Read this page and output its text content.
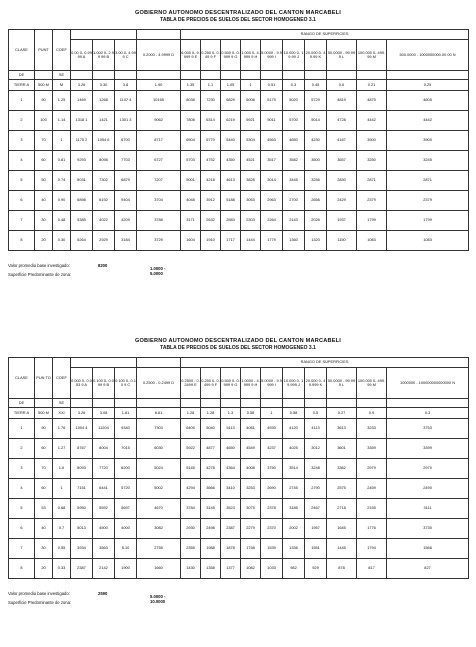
GOBIERNO AUTONOMO DESCENTRALIZADO DEL CANTON MARCABELI
TABLA DE PRECIOS DE SUELOS DEL SECTOR HOMOGENEO 3.1
CLASE	PUNT	COEF					RANGO DE SUPERFICIES									
			0.00 0- 0.99 99 A	1.000 0- 2.99 99 B	3.00 0- 4.99 9 C	0.2000 - 4.9999 D	6.000 0- 9.999 9 E	0.250 0- 0.49 9 F	0.500 0- 0.999 9 G	1.000 0- 4.999 9 H	5.0000 - 9.9999 I	10.000 0- 19.99 J	20.000 0- 49.99 K	50.0000 - 99.999 L	100.000 0- 499.99 M	500.0000 - 1000000000.00 00 N
DE		SE														
TIERR A	500 M	M	3.26	3.30	3.8	1.90	1.35	1.1	1.05	1	0.51	0.3	0.45	0.6	0.21	0.25
1	90	1.25	1469	1268	1107 4	10165	8038	7230	6829	6006	5175	5020	5729	4819	4875	4605
2	100	1.14	1318 1	1421	1301 3	9062	7808	6314	6219	5921	5011	5700	5014	4728	4442	4442
3	70	1	1175 2	1054 6	6700	8717	6504	6770	5440	5304	4563	4650	4230	4167	3900	3900
4	60	0.81	9293	8098	7703	6727	5703	4752	4350	4521	3517	3582	3500	3657	3250	3245
5	50	0.74	8031	7302	6879	7207	5001	4218	4613	3828	3014	3445	3256	2830	2871	2871
6	40	0.90	6898	6192	9404	3704	4048	3912	5188	3053	2963	2700	2656	2429	2379	2379
7	30	0.48	5385	4022	4209	3788	3171	2632	2583	2303	2264	2143	2026	1937	1799	1799
8	20	0.30	5264	2929	3184	3729	1604	1910	1717	1444	1779	1360	1320	1150	1083	1083
Valor promedio base investigado:	8200
Superficie Predominante de zona:
1.0000 -
5.0000
GOBIERNO AUTONOMO DESCENTRALIZADO DEL CANTON MARCABELI
TABLA DE PRECIOS DE SUELOS DEL SECTOR HOMOGENEO 3.1
CLASE	PUN TO	COEF					RANGO DE SUPERFICIES									
			0.000 0- 0.053 9 A	0.100 0- 0.099 9 B	0.100 0- 0.10 9 C	0.2500 - 0.2499 D	0.2500 - 0.2499 E	0.250 0- 0.499 9 F	0.500 0- 0.999 9 G	1.0000 - 4.999 9 H	5.0000 - 9.9999 I	10.000 0- 19.999 J	20.000 0- 49.999 K	50.0000 - 99.999 L	100.000 0- 499.99 M	1000000 - 100000000000000 N
DE		SE														
TIERR A	500 M	XXI	3.26	3.08	1.81	8.61	1.28	1.28	1.3	0.58	1	0.58	0.5	0.27	0.9	0.3
1	90	1.76	1004 4	11204	9340	7303	6405	5040	5113	4081	4930	4120	4113	3613	3233	3753
2	60	1.27	8767	8004	7015	6030	5922	4877	4650	4549	4237	4025	3012	3601	3359	3399
3	70	1.0	8093	7720	6200	5024	5145	4278	4364	4008	3750	3514	3248	3362	2979	2970
4	60	1	7151	6441	5720	5002	4294	3666	3410	3253	2690	2745	2790	2575	2459	2490
5	53	0.68	5950	5592	5697	4670	3784	3145	3523	3075	2378	3185	2467	2718	2155	3111
6	40	0.7	5013	4500	4000	3082	2930	2498	2387	2279	2370	2002	1957	1645	1776	3730
7	30	0.55	3934	3563	5.10	2755	2355	1988	1878	1798	1539	1336	1551	1445	1794	1566
8	20	0.33	2387	2142	1900	1660	1430	1358	1377	1082	1033	982	929	878	817	827
Valor promedio base investigado:	2590
Superficie Predominante de zona:
5.0000 -
10.0000
